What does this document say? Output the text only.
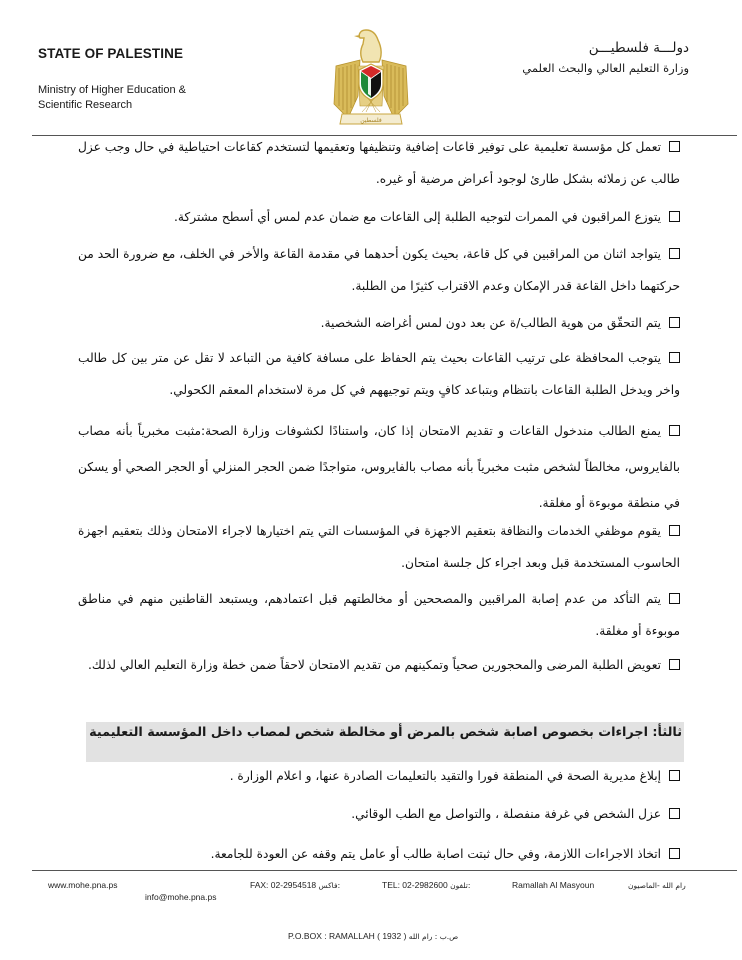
STATE OF PALESTINE
Ministry of Higher Education &
Scientific Research
فلسطين
دولـــة فلسطيـــن
وزارة التعليم العالي والبحث العلمي
تعمل كل مؤسسة تعليمية على توفير قاعات إضافية وتنظيفها وتعقيمها لتستخدم كقاعات احتياطية في حال وجب عزل طالب عن زملائه بشكل طارئ لوجود أعراض مرضية أو غيره.
يتوزع المراقبون في الممرات لتوجيه الطلبة إلى القاعات مع ضمان عدم لمس أي أسطح مشتركة.
يتواجد اثنان من المراقبين في كل قاعة، بحيث يكون أحدهما في مقدمة القاعة والأخر في الخلف، مع ضرورة الحد من حركتهما داخل القاعة قدر الإمكان وعدم الاقتراب كثيرًا من الطلبة.
يتم التحقّق من هوية الطالب/ة عن بعد دون لمس أغراضه الشخصية.
يتوجب المحافظة على ترتيب القاعات بحيث يتم الحفاظ على مسافة كافية من التباعد لا تقل عن متر بين كل طالب واخر ويدخل الطلبة القاعات بانتظام وبتباعد كافٍ ويتم توجيههم في كل مرة لاستخدام المعقم الكحولي.
يمنع الطالب مندخول القاعات و تقديم الامتحان إذا كان، واستنادًا لكشوفات وزارة الصحة:مثبت مخبرياً بأنه مصاب بالفايروس، مخالطاً لشخص مثبت مخبرياً بأنه مصاب بالفايروس، متواجدًا ضمن الحجر المنزلي أو الحجر الصحي أو يسكن في منطقة موبوءة أو مغلقة.
يقوم موظفي الخدمات والنظافة بتعقيم الاجهزة في المؤسسات التي يتم اختيارها لاجراء الامتحان وذلك بتعقيم اجهزة الحاسوب المستخدمة قبل وبعد اجراء كل جلسة امتحان.
يتم التأكد من عدم إصابة المراقبين والمصححين أو مخالطتهم قبل اعتمادهم، ويستبعد القاطنين منهم في مناطق موبوءة أو مغلقة.
تعويض الطلبة المرضى والمحجورين صحياً وتمكينهم من تقديم الامتحان لاحقاً ضمن خطة وزارة التعليم العالي لذلك.
ثالثأ: اجراءات بخصوص اصابة شخص بالمرض أو مخالطة شخص لمصاب داخل المؤسسة التعليمية
إبلاغ مديرية الصحة في المنطقة فورا والتقيد بالتعليمات الصادرة عنها، و اعلام الوزارة .
عزل الشخص في غرفة منفصلة ، والتواصل مع الطب الوقائي.
اتخاذ الاجراءات اللازمة، وفي حال ثبتت اصابة طالب أو عامل يتم وقفه عن العودة للجامعة.
www.mohe.pna.ps
info@mohe.pna.ps
FAX: 02-2954518 فاكس:	TEL: 02-2982600 تلفون:	Ramallah Al Masyoun	رام الله -الماصيون
P.O.BOX : RAMALLAH ( 1932 ) ص.ب : رام الله
